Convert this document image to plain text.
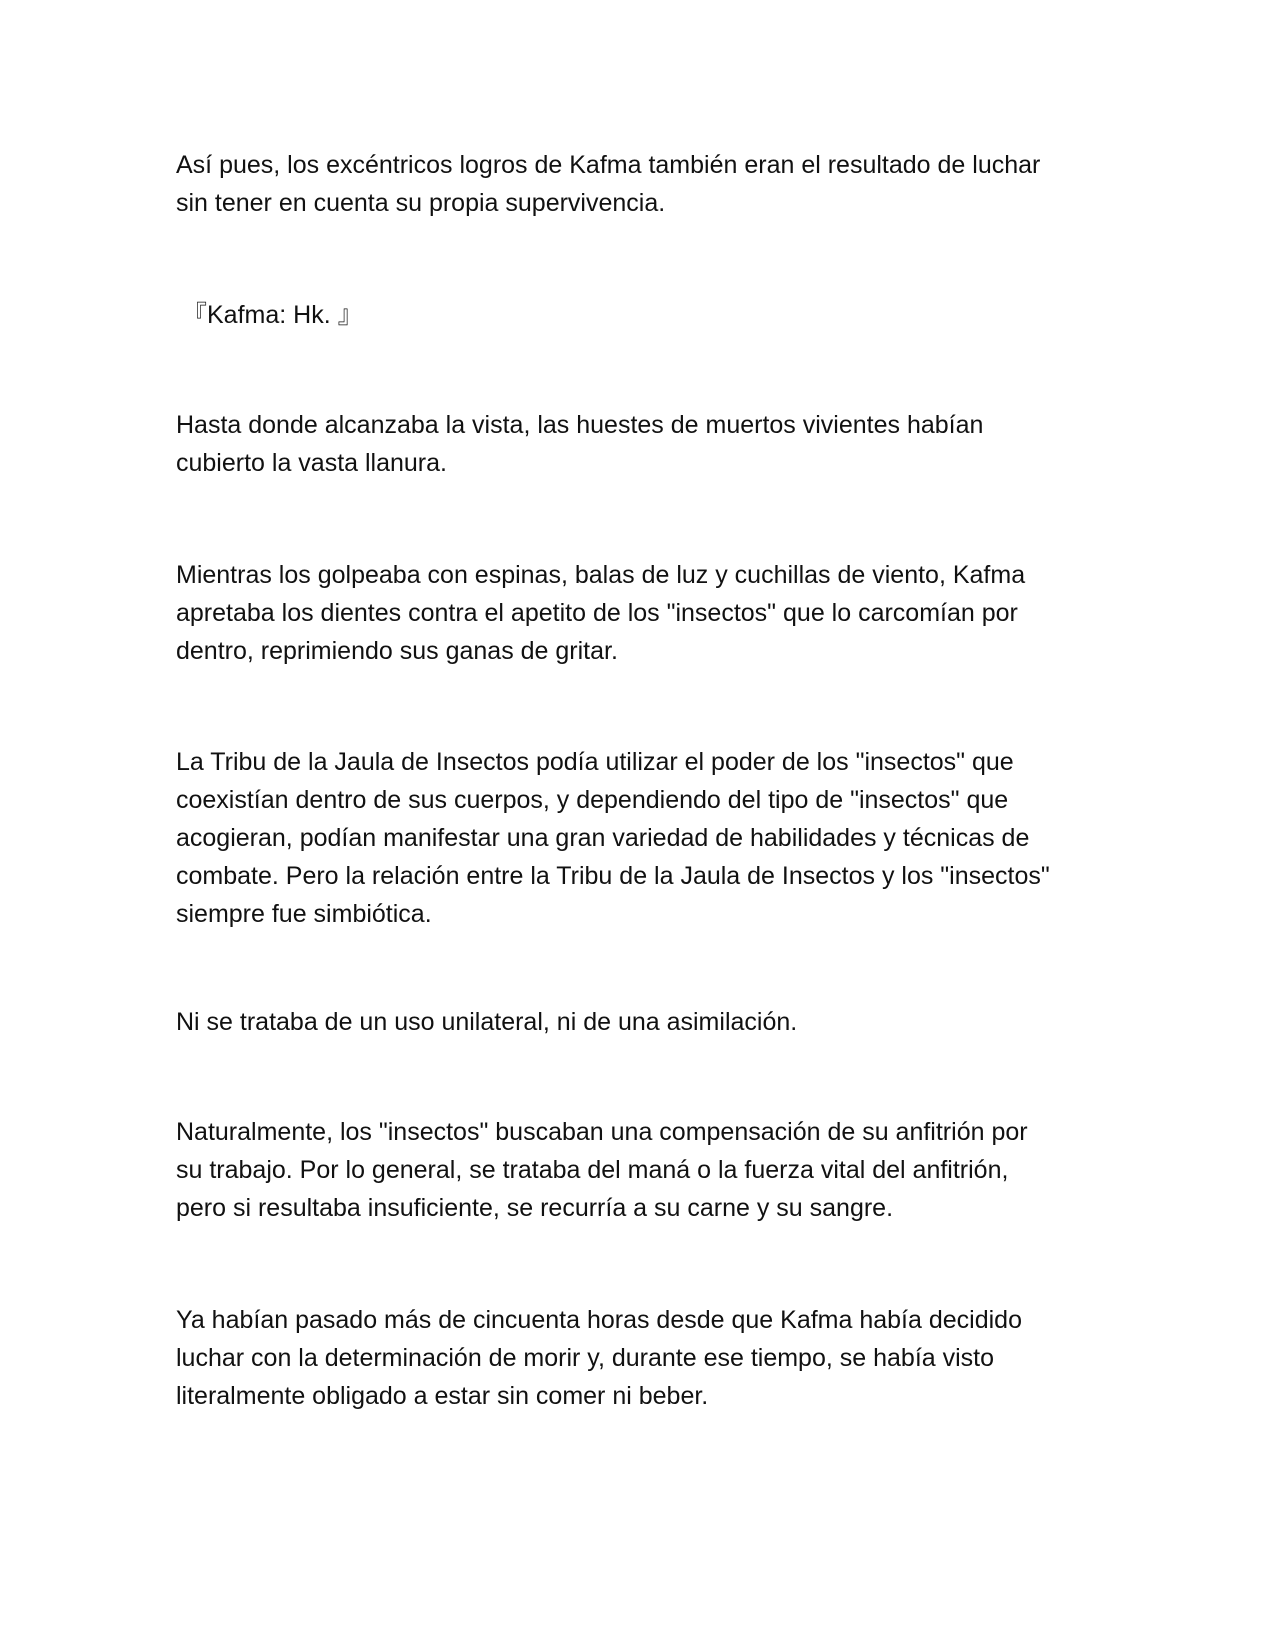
Así pues, los excéntricos logros de Kafma también eran el resultado de luchar
sin tener en cuenta su propia supervivencia.

『Kafma: Hk. 』

Hasta donde alcanzaba la vista, las huestes de muertos vivientes habían
cubierto la vasta llanura.

Mientras los golpeaba con espinas, balas de luz y cuchillas de viento, Kafma
apretaba los dientes contra el apetito de los "insectos" que lo carcomían por
dentro, reprimiendo sus ganas de gritar.

La Tribu de la Jaula de Insectos podía utilizar el poder de los "insectos" que
coexistían dentro de sus cuerpos, y dependiendo del tipo de "insectos" que
acogieran, podían manifestar una gran variedad de habilidades y técnicas de
combate. Pero la relación entre la Tribu de la Jaula de Insectos y los "insectos"
siempre fue simbiótica.

Ni se trataba de un uso unilateral, ni de una asimilación.

Naturalmente, los "insectos" buscaban una compensación de su anfitrión por
su trabajo. Por lo general, se trataba del maná o la fuerza vital del anfitrión,
pero si resultaba insuficiente, se recurría a su carne y su sangre.

Ya habían pasado más de cincuenta horas desde que Kafma había decidido
luchar con la determinación de morir y, durante ese tiempo, se había visto
literalmente obligado a estar sin comer ni beber.
